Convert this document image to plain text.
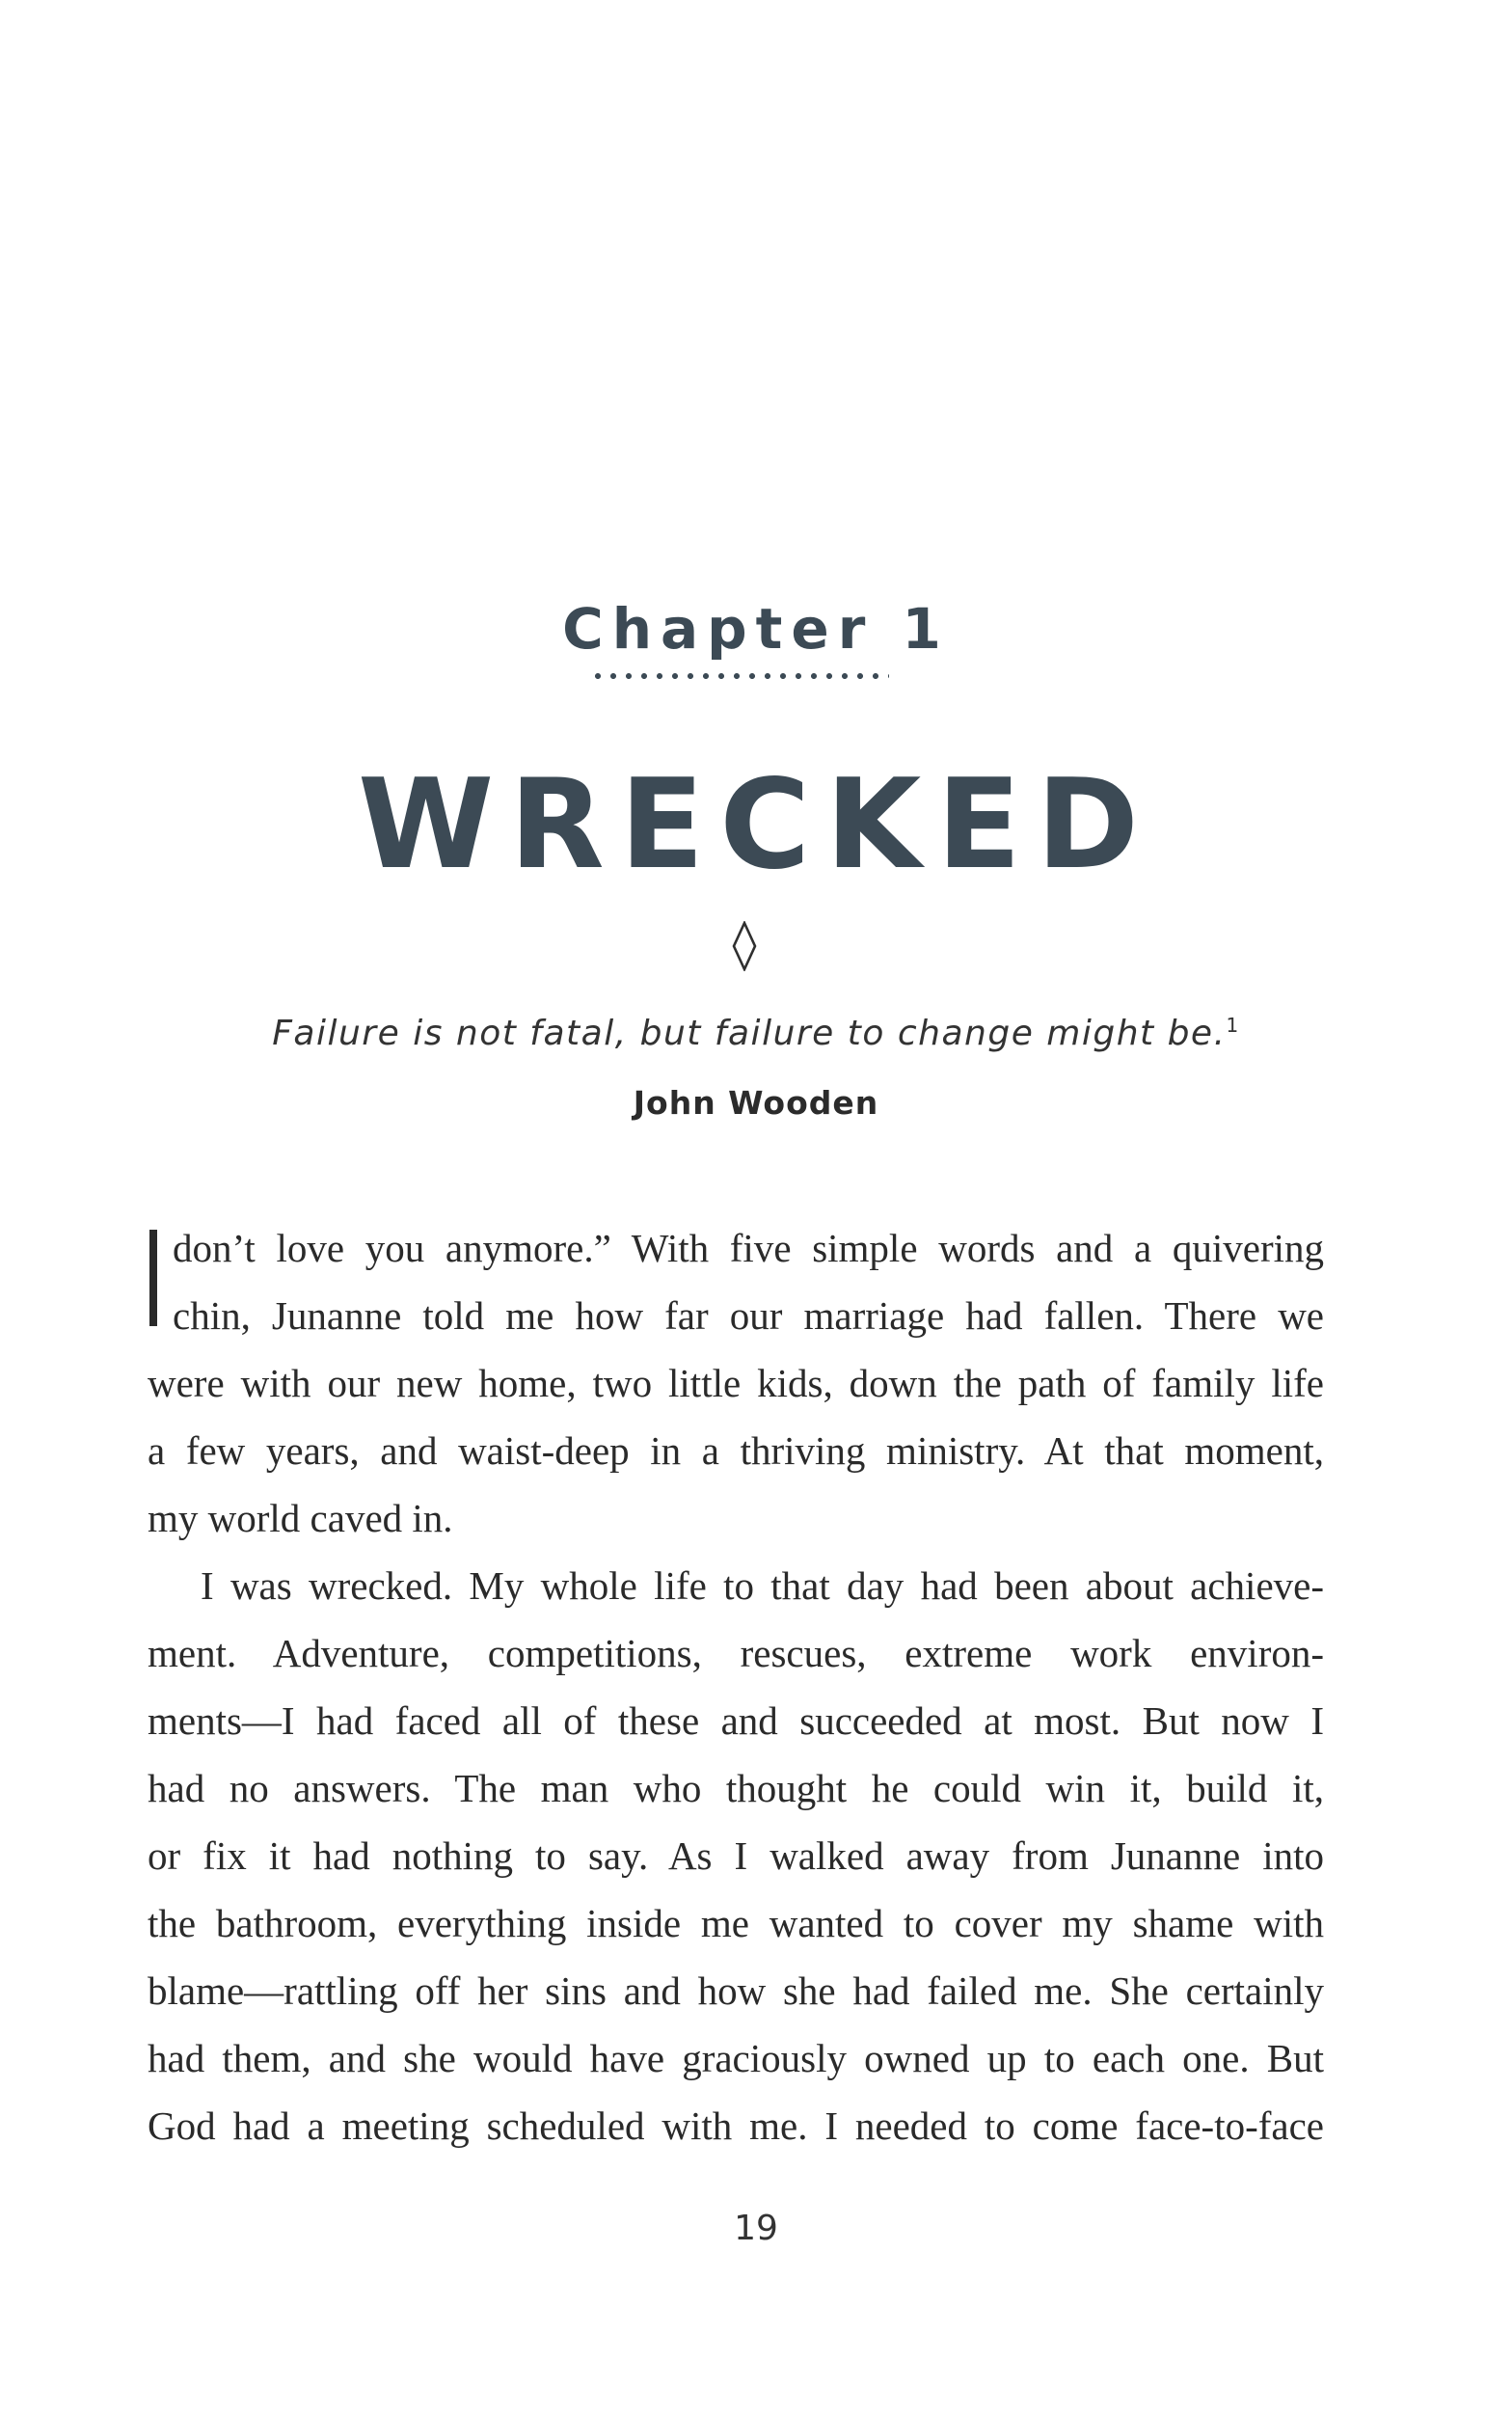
Chapter 1
WRECKED
Failure is not fatal, but failure to change might be.$^1$
John Wooden
don’t love you anymore.” With five simple words and a quivering
chin, Junanne told me how far our marriage had fallen. There we
were with our new home, two little kids, down the path of family life
a few years, and waist-deep in a thriving ministry. At that moment,
my world caved in.
I was wrecked. My whole life to that day had been about achieve-
ment. Adventure, competitions, rescues, extreme work environ-
ments—I had faced all of these and succeeded at most. But now I
had no answers. The man who thought he could win it, build it,
or fix it had nothing to say. As I walked away from Junanne into
the bathroom, everything inside me wanted to cover my shame with
blame—rattling off her sins and how she had failed me. She certainly
had them, and she would have graciously owned up to each one. But
God had a meeting scheduled with me. I needed to come face-to-face
19
